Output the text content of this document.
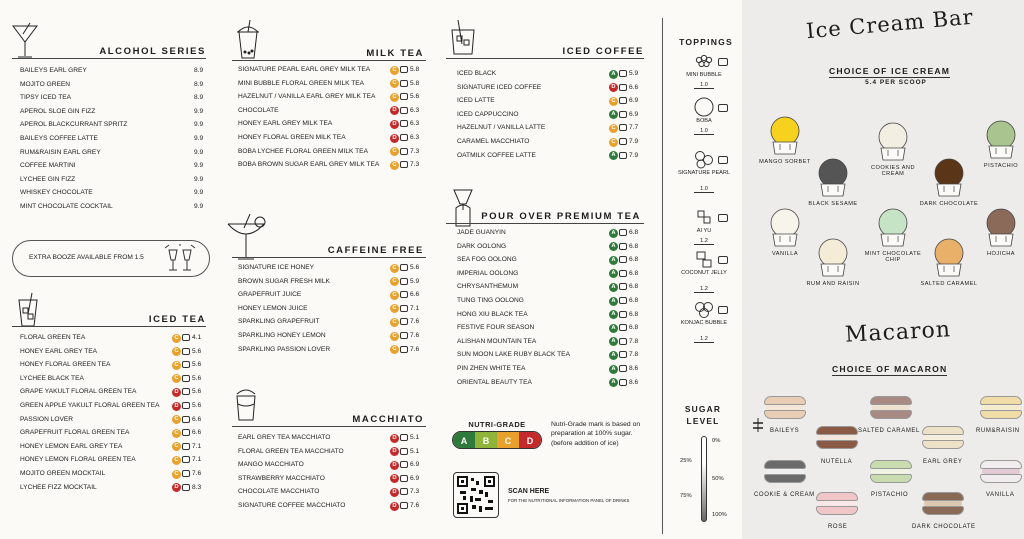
ALCOHOL SERIES
BAILEYS EARL GREY	8.9
MOJITO GREEN	8.9
TIPSY ICED TEA	8.9
APEROL SLOE GIN FIZZ	9.9
APEROL BLACKCURRANT SPRITZ	9.9
BAILEYS COFFEE LATTE	9.9
RUM&RAISIN EARL GREY	9.9
COFFEE MARTINI	9.9
LYCHEE GIN FIZZ	9.9
WHISKEY CHOCOLATE	9.9
MINT CHOCOLATE COCKTAIL	9.9
EXTRA BOOZE AVAILABLE FROM 1.5
ICED TEA
FLORAL GREEN TEA	C	4.1
HONEY EARL GREY TEA	C	5.6
HONEY FLORAL GREEN TEA	C	5.6
LYCHEE BLACK TEA	C	5.6
GRAPE YAKULT FLORAL GREEN TEA	D	5.6
GREEN APPLE YAKULT FLORAL GREEN TEA	D	5.6
PASSION LOVER	C	6.6
GRAPEFRUIT FLORAL GREEN TEA	C	6.6
HONEY LEMON EARL GREY TEA	C	7.1
HONEY LEMON FLORAL GREEN TEA	C	7.1
MOJITO GREEN MOCKTAIL	C	7.6
LYCHEE FIZZ MOCKTAIL	D	8.3
MILK TEA
SIGNATURE PEARL EARL GREY MILK TEA	C	5.8
MINI BUBBLE FLORAL GREEN MILK TEA	C	5.8
HAZELNUT / VANILLA EARL GREY MILK TEA	C	5.6
CHOCOLATE	D	6.3
HONEY EARL GREY MILK TEA	D	6.3
HONEY FLORAL GREEN MILK TEA	D	6.3
BOBA LYCHEE FLORAL GREEN MILK TEA	C	7.3
BOBA BROWN SUGAR EARL GREY MILK TEA	C	7.3
CAFFEINE FREE
SIGNATURE ICE HONEY	C	5.6
BROWN SUGAR FRESH MILK	C	5.9
GRAPEFRUIT JUICE	C	6.6
HONEY LEMON JUICE	C	7.1
SPARKLING GRAPEFRUIT	C	7.6
SPARKLING HONEY LEMON	C	7.6
SPARKLING PASSION LOVER	C	7.6
MACCHIATO
EARL GREY TEA MACCHIATO	D	5.1
FLORAL GREEN TEA MACCHIATO	D	5.1
MANGO MACCHIATO	D	6.9
STRAWBERRY MACCHIATO	D	6.9
CHOCOLATE MACCHIATO	D	7.3
SIGNATURE COFFEE MACCHIATO	D	7.6
ICED COFFEE
ICED BLACK	A	5.9
SIGNATURE ICED COFFEE	D	6.6
ICED LATTE	C	6.9
ICED CAPPUCCINO	A	6.9
HAZELNUT / VANILLA LATTE	C	7.7
CARAMEL MACCHIATO	C	7.9
OATMILK COFFEE LATTE	A	7.9
POUR OVER PREMIUM TEA
JADE GUANYIN	A	6.8
DARK OOLONG	A	6.8
SEA FOG OOLONG	A	6.8
IMPERIAL OOLONG	A	6.8
CHRYSANTHEMUM	A	6.8
TUNG TING OOLONG	A	6.8
HONG XIU BLACK TEA	A	6.8
FESTIVE FOUR SEASON	A	6.8
ALISHAN MOUNTAIN TEA	A	7.8
SUN MOON LAKE RUBY BLACK TEA	A	7.8
PIN ZHEN WHITE TEA	A	8.6
ORIENTAL BEAUTY TEA	A	8.6
NUTRI-GRADE
A	B	C	D
Nutri-Grade mark is based on preparation at 100% sugar. (before addition of ice)
SCAN HERE
FOR THE NUTRITIONAL INFORMATION PANEL OF DRINKS
TOPPINGS
MINI BUBBLE
1.0
BOBA
1.0
SIGNATURE PEARL
1.0
AI YU
1.2
COCONUT JELLY
1.2
KONJAC BUBBLE
1.2
SUGAR
LEVEL
0%
25%
50%
75%
100%
Ice Cream Bar
CHOICE OF ICE CREAM
5.4 PER SCOOP
MANGO SORBET
BLACK SESAME
COOKIES AND CREAM
DARK CHOCOLATE
PISTACHIO
VANILLA
RUM AND RAISIN
MINT CHOCOLATE CHIP
SALTED CARAMEL
HOJICHA
Macaron
CHOICE OF MACARON
BAILEYS	SALTED CARAMEL	RUM&RAISIN
NUTELLA	EARL GREY
COOKIE & CREAM	PISTACHIO	VANILLA
ROSE	DARK CHOCOLATE
